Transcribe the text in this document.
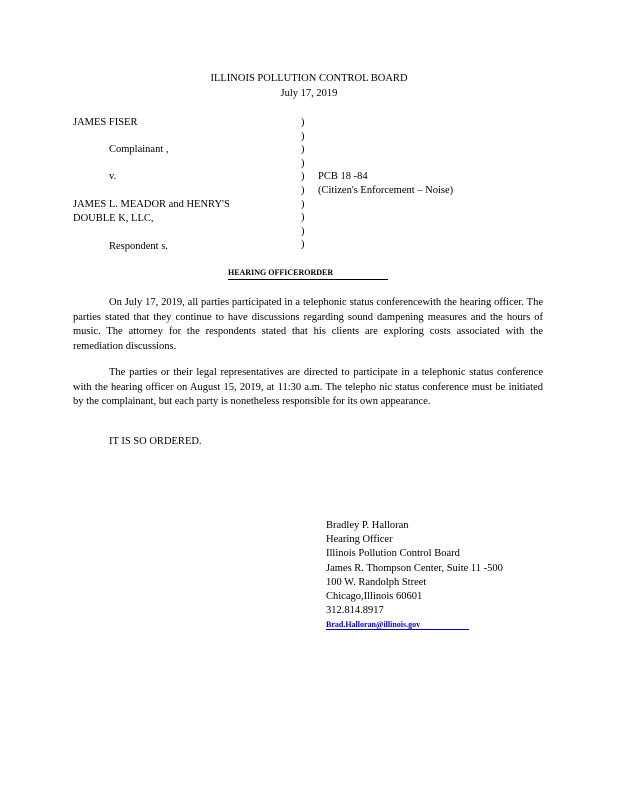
ILLINOIS POLLUTION CONTROL BOARD
July 17, 2019
JAMES FISER
Complainant ,
v.
JAMES L. MEADOR and HENRY'S
DOUBLE K, LLC,
Respondent s.
)
)
)
)
)
)
)
)
)
)
PCB 18 -84
(Citizen's Enforcement – Noise)
HEARING OFFICERORDER
On July 17, 2019, all parties participated in a telephonic status conferencewith the hearing officer. The parties stated that they continue to have discussions regarding sound dampening measures and the hours of music. The attorney for the respondents stated that his clients are exploring costs associated with the remediation discussions.
The parties or their legal representatives are directed to participate in a telephonic status conference with the hearing officer on August 15, 2019, at 11:30 a.m. The telepho nic status conference must be initiated by the complainant, but each party is nonetheless responsible for its own appearance.
IT IS SO ORDERED.
Bradley P. Halloran
Hearing Officer
Illinois Pollution Control Board
James R. Thompson Center, Suite 11 -500
100 W. Randolph Street
Chicago,Illinois 60601
312.814.8917
Brad.Halloran@illinois.gov
